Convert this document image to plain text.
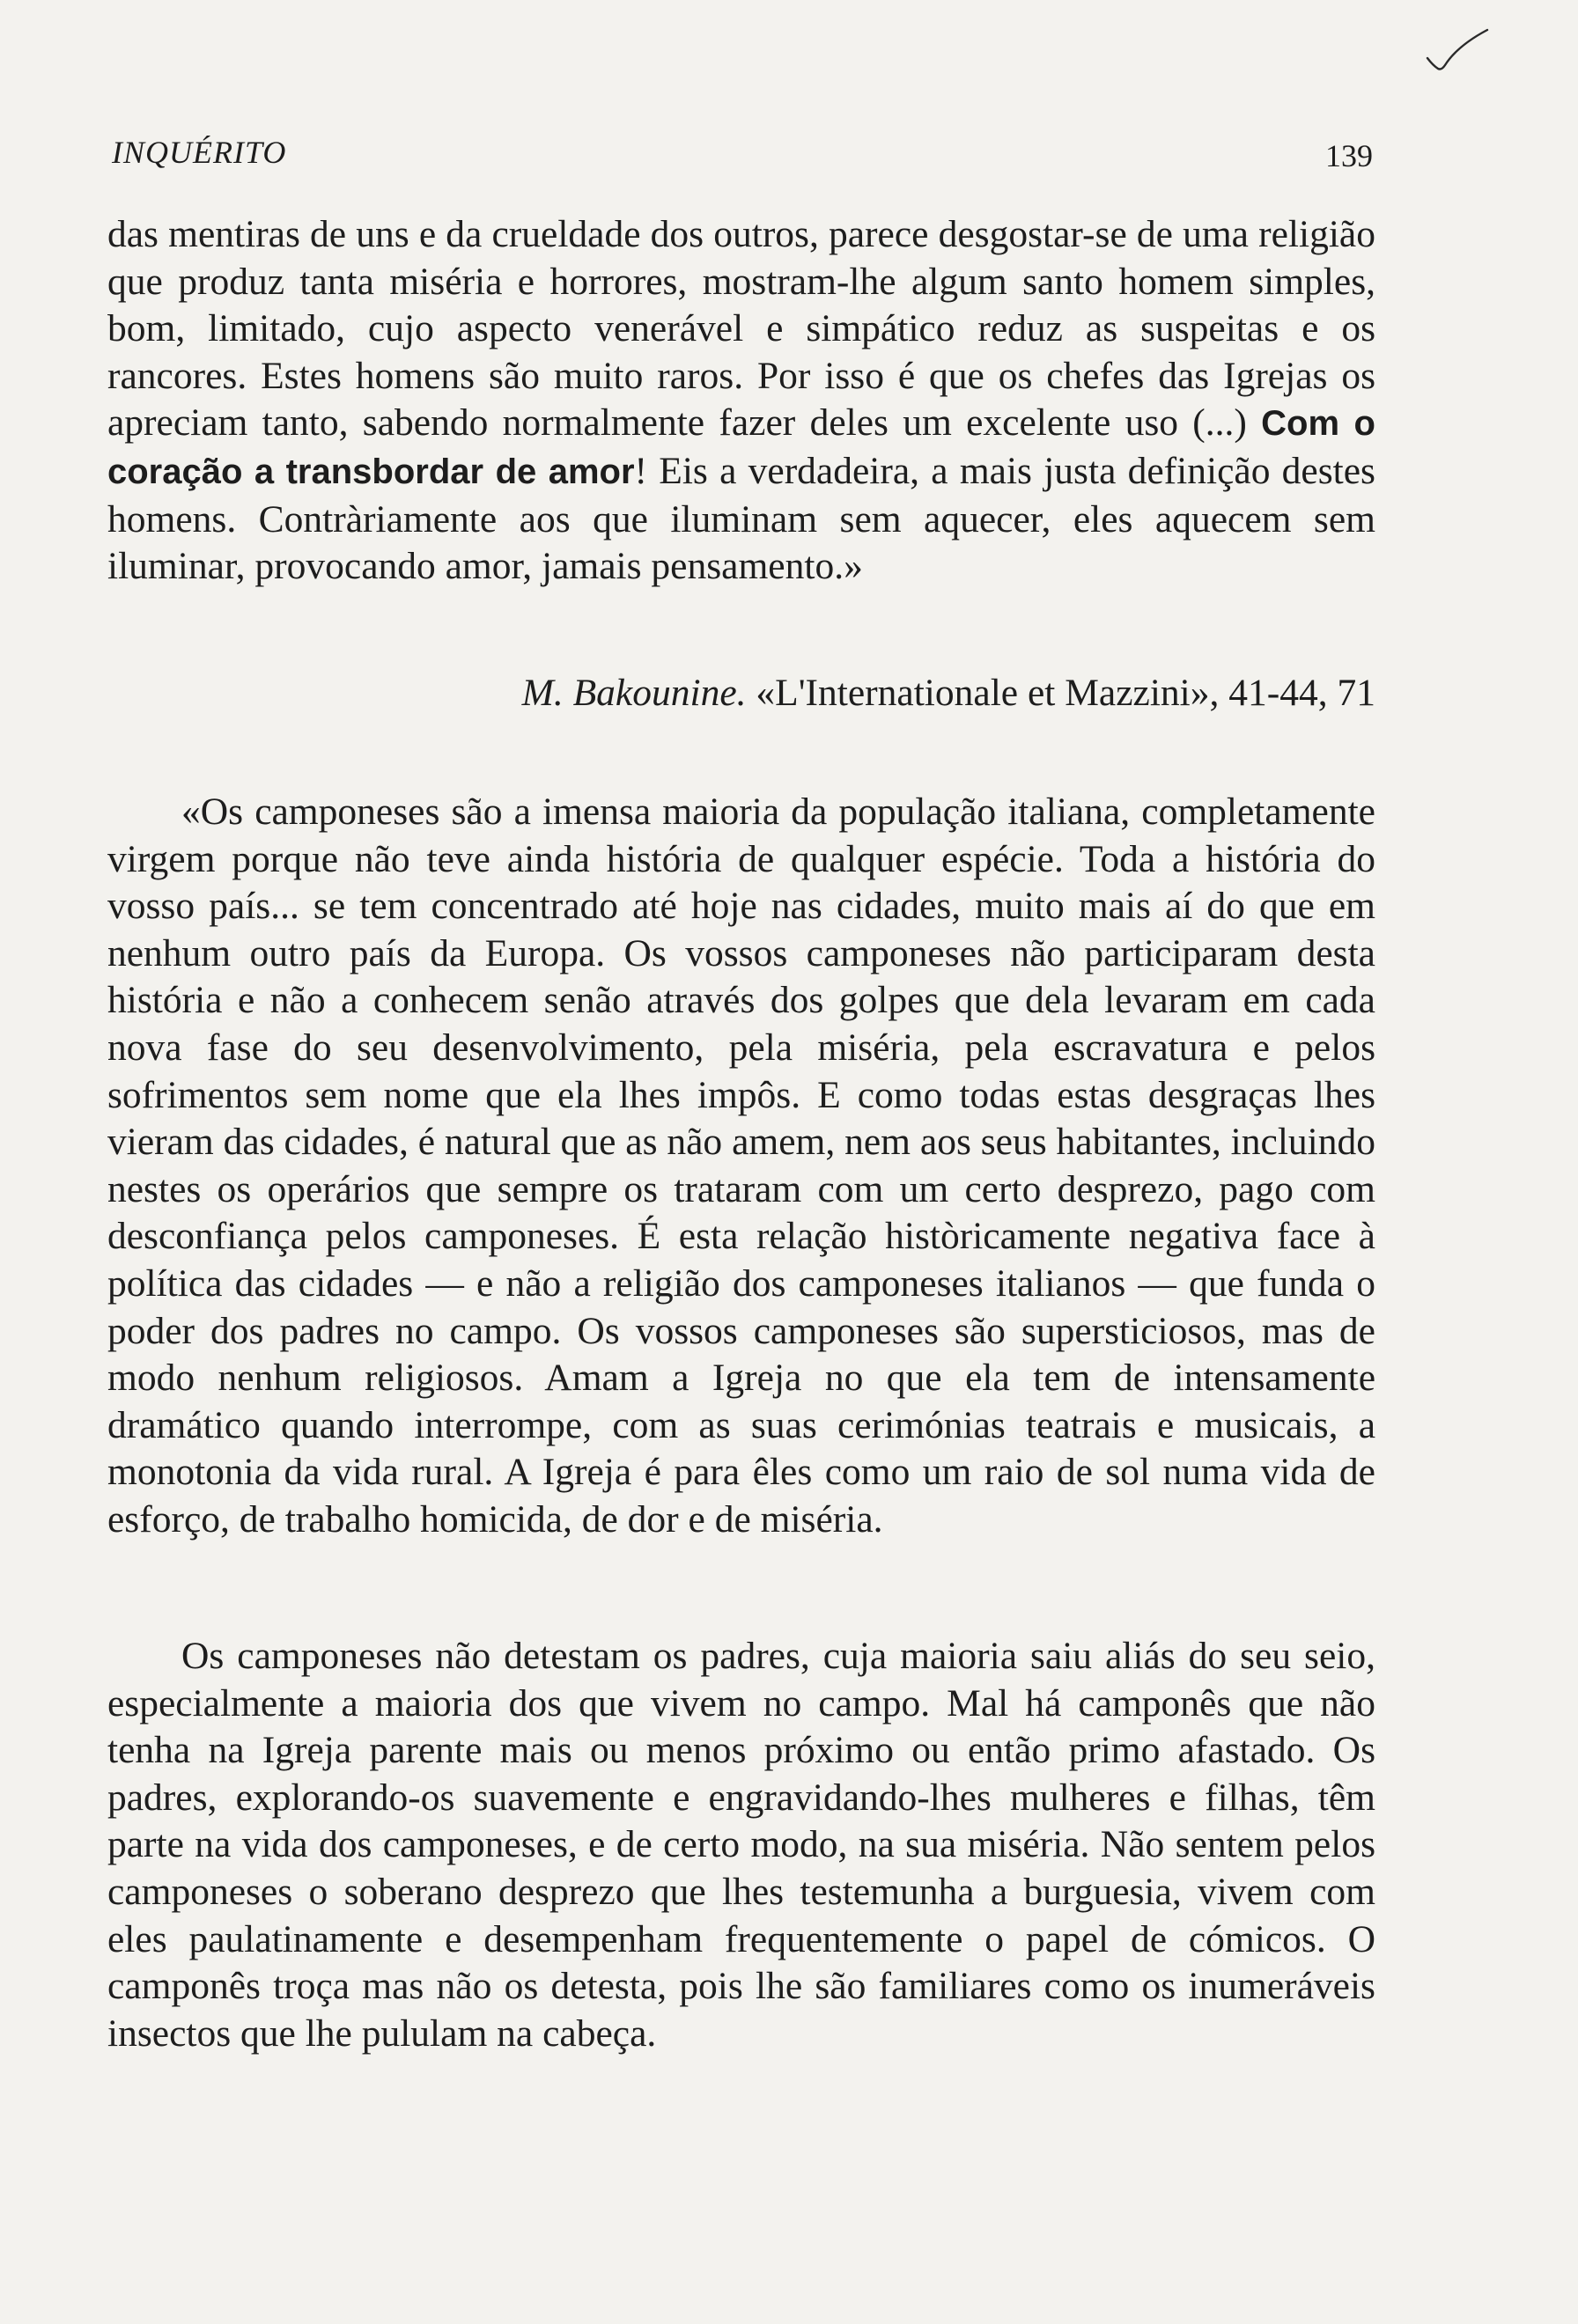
INQUÉRITO	139

das mentiras de uns e da crueldade dos outros, parece desgostar-se de uma religião que produz tanta miséria e horrores, mostram-lhe algum santo homem simples, bom, limitado, cujo aspecto venerável e simpático reduz as suspeitas e os rancores. Estes homens são muito raros. Por isso é que os chefes das Igrejas os apreciam tanto, sabendo normalmente fazer deles um excelente uso (...) Com o coração a transbordar de amor! Eis a verdadeira, a mais justa definição destes homens. Contràriamente aos que iluminam sem aquecer, eles aquecem sem iluminar, provocando amor, jamais pensamento.»

M. Bakounine. «L'Internationale et Mazzini», 41-44, 71

«Os camponeses são a imensa maioria da população italiana, completamente virgem porque não teve ainda história de qualquer espécie. Toda a história do vosso país... se tem concentrado até hoje nas cidades, muito mais aí do que em nenhum outro país da Europa. Os vossos camponeses não participaram desta história e não a conhecem senão através dos golpes que dela levaram em cada nova fase do seu desenvolvimento, pela miséria, pela escravatura e pelos sofrimentos sem nome que ela lhes impôs. E como todas estas desgraças lhes vieram das cidades, é natural que as não amem, nem aos seus habitantes, incluindo nestes os operários que sempre os trataram com um certo desprezo, pago com desconfiança pelos camponeses. É esta relação històricamente negativa face à política das cidades — e não a religião dos camponeses italianos — que funda o poder dos padres no campo. Os vossos camponeses são supersticiosos, mas de modo nenhum religiosos. Amam a Igreja no que ela tem de intensamente dramático quando interrompe, com as suas cerimónias teatrais e musicais, a monotonia da vida rural. A Igreja é para êles como um raio de sol numa vida de esforço, de trabalho homicida, de dor e de miséria.

Os camponeses não detestam os padres, cuja maioria saiu aliás do seu seio, especialmente a maioria dos que vivem no campo. Mal há camponês que não tenha na Igreja parente mais ou menos próximo ou então primo afastado. Os padres, explorando-os suavemente e engravidando-lhes mulheres e filhas, têm parte na vida dos camponeses, e de certo modo, na sua miséria. Não sentem pelos camponeses o soberano desprezo que lhes testemunha a burguesia, vivem com eles paulatinamente e desempenham frequentemente o papel de cómicos. O camponês troça mas não os detesta, pois lhe são familiares como os inumeráveis insectos que lhe pululam na cabeça.
